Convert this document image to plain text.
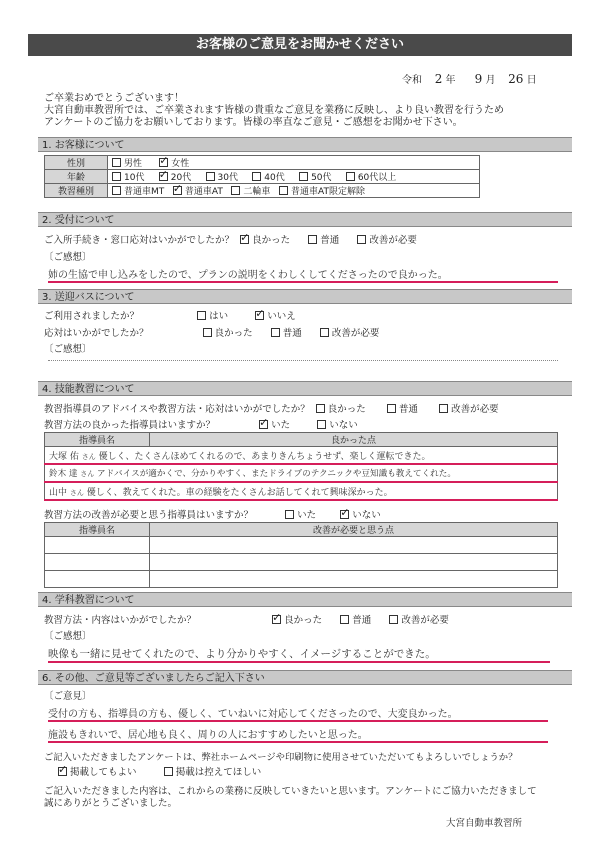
お客様のご意見をお聞かせください
令和 2 年 9 月 26 日
ご卒業おめでとうございます！
大宮自動車教習所では、ご卒業されます皆様の貴重なご意見を業務に反映し、より良い教習を行うため
アンケートのご協力をお願いしております。皆様の率直なご意見・ご感想をお聞かせ下さい。
1. お客様について
性別	男性 ✓ 女性
年齢	10代 ✓ 20代 30代 40代 50代 60代以上
教習種別	普通車MT ✓ 普通車AT 二輪車 普通車AT限定解除
2. 受付について
ご入所手続き・窓口応対はいかがでしたか？ ✓ 良かった	普通	改善が必要
〔ご感想〕
姉の生協で申し込みをしたので、プランの説明をくわしくしてくださったので良かった。
3. 送迎バスについて
ご利用されましたか？	はい ✓	いいえ
応対はいかがでしたか？	良かった	普通	改善が必要
〔ご感想〕
4. 技能教習について
教習指導員のアドバイスや教習方法・応対はいかがでしたか？ 良かった	普通	改善が必要
教習方法の良かった指導員はいますか？ ✓	いた	いない
指導員名	良かった点
大塚 佑 さん 優しく、たくさんほめてくれるので、あまりきんちょうせず、楽しく運転できた。
鈴木 達 さん アドバイスが適かくで、分かりやすく、またドライブのテクニックや豆知識も教えてくれた。
山中 さん 優しく、教えてくれた。車の経験をたくさんお話してくれて興味深かった。
教習方法の改善が必要と思う指導員はいますか？	いた ✓	いない
指導員名	改善が必要と思う点

4. 学科教習について
教習方法・内容はいかがでしたか？ ✓	良かった	普通	改善が必要
〔ご感想〕
映像も一緒に見せてくれたので、より分かりやすく、イメージすることができた。
6. その他、ご意見等ございましたらご記入下さい
〔ご意見〕
受付の方も、指導員の方も、優しく、ていねいに対応してくださったので、大変良かった。
施設もきれいで、居心地も良く、周りの人におすすめしたいと思った。
ご記入いただきましたアンケートは、弊社ホームページや印刷物に使用させていただいてもよろしいでしょうか？
✓掲載してもよい	掲載は控えてほしい
ご記入いただきました内容は、これからの業務に反映していきたいと思います。アンケートにご協力いただきまして
誠にありがとうございました。
大宮自動車教習所
